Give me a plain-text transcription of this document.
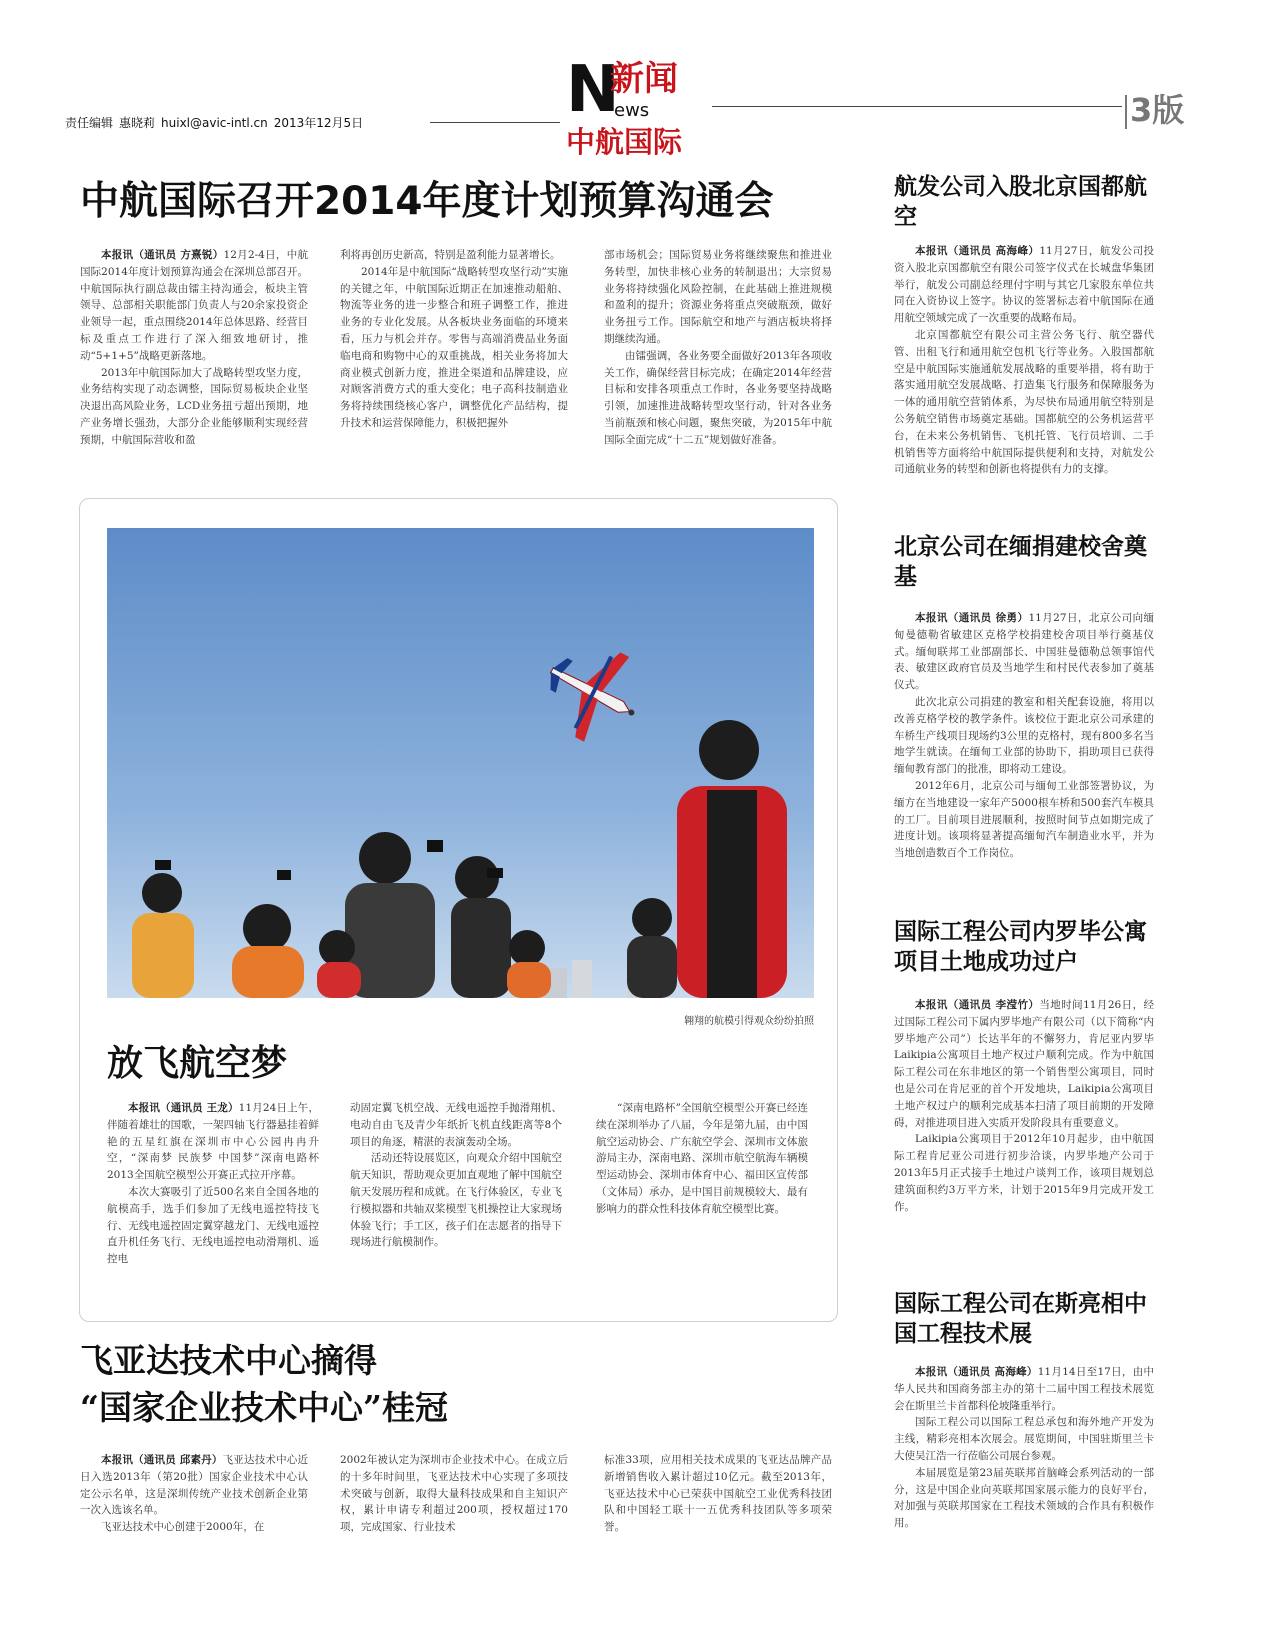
责任编辑 惠晓莉 huixl@avic-intl.cn 2013年12月5日	N
新闻
ews
中航国际
3版
中航国际召开2014年度计划预算沟通会

本报讯（通讯员 方熹锐）12月2-4日，中航国际2014年度计划预算沟通会在深圳总部召开。中航国际执行副总裁由镭主持沟通会，板块主管领导、总部相关职能部门负责人与20余家投资企业领导一起，重点围绕2014年总体思路、经营目标及重点工作进行了深入细致地研讨，推动“5+1+5”战略更新落地。

2013年中航国际加大了战略转型攻坚力度，业务结构实现了动态调整，国际贸易板块企业坚决退出高风险业务，LCD业务扭亏超出预期，地产业务增长强劲，大部分企业能够顺利实现经营预期，中航国际营收和盈

利将再创历史新高，特别是盈利能力显著增长。

2014年是中航国际“战略转型攻坚行动”实施的关键之年，中航国际近期正在加速推动船舶、物流等业务的进一步整合和班子调整工作，推进业务的专业化发展。从各板块业务面临的环境来看，压力与机会并存。零售与高端消费品业务面临电商和购物中心的双重挑战，相关业务将加大商业模式创新力度，推进全渠道和品牌建设，应对顾客消费方式的重大变化；电子高科技制造业务将持续围绕核心客户，调整优化产品结构，提升技术和运营保障能力，积极把握外

部市场机会；国际贸易业务将继续聚焦和推进业务转型，加快非核心业务的转制退出；大宗贸易业务将持续强化风险控制，在此基础上推进规模和盈利的提升；资源业务将重点突破瓶颈，做好业务扭亏工作。国际航空和地产与酒店板块将择期继续沟通。

由镭强调，各业务要全面做好2013年各项收关工作，确保经营目标完成；在确定2014年经营目标和安排各项重点工作时，各业务要坚持战略引领，加速推进战略转型攻坚行动，针对各业务当前瓶颈和核心问题，聚焦突破，为2015年中航国际全面完成“十二五”规划做好准备。

翱翔的航模引得观众纷纷拍照
放飞航空梦

本报讯（通讯员 王龙）11月24日上午，伴随着雄壮的国歌，一架四轴飞行器悬挂着鲜艳的五星红旗在深圳市中心公园冉冉升空，“深南梦 民族梦 中国梦”深南电路杯2013全国航空模型公开赛正式拉开序幕。

本次大赛吸引了近500名来自全国各地的航模高手，选手们参加了无线电遥控特技飞行、无线电遥控固定翼穿越龙门、无线电遥控直升机任务飞行、无线电遥控电动滑翔机、遥控电

动固定翼飞机空战、无线电遥控手抛滑翔机、电动自由飞及青少年纸折飞机直线距离等8个项目的角逐，精湛的表演轰动全场。

活动还特设展览区，向观众介绍中国航空航天知识，帮助观众更加直观地了解中国航空航天发展历程和成就。在飞行体验区，专业飞行模拟器和共轴双桨模型飞机操控让大家现场体验飞行；手工区，孩子们在志愿者的指导下现场进行航模制作。

“深南电路杯”全国航空模型公开赛已经连续在深圳举办了八届，今年是第九届，由中国航空运动协会、广东航空学会、深圳市文体旅游局主办，深南电路、深圳市航空航海车辆模型运动协会、深圳市体育中心、福田区宣传部（文体局）承办，是中国目前规模较大、最有影响力的群众性科技体育航空模型比赛。

飞亚达技术中心摘得
“国家企业技术中心”桂冠

本报讯（通讯员 邱素丹）飞亚达技术中心近日入选2013年（第20批）国家企业技术中心认定公示名单，这是深圳传统产业技术创新企业第一次入选该名单。

飞亚达技术中心创建于2000年，在

2002年被认定为深圳市企业技术中心。在成立后的十多年时间里，飞亚达技术中心实现了多项技术突破与创新，取得大量科技成果和自主知识产权，累计申请专利超过200项，授权超过170项，完成国家、行业技术

标准33项，应用相关技术成果的飞亚达品牌产品新增销售收入累计超过10亿元。截至2013年，飞亚达技术中心已荣获中国航空工业优秀科技团队和中国轻工联十一五优秀科技团队等多项荣誉。

航发公司入股北京国都航空

本报讯（通讯员 高海峰）11月27日，航发公司投资入股北京国都航空有限公司签字仪式在长城盘华集团举行，航发公司副总经理付宇明与其它几家股东单位共同在入资协议上签字。协议的签署标志着中航国际在通用航空领域完成了一次重要的战略布局。

北京国都航空有限公司主营公务飞行、航空器代管、出租飞行和通用航空包机飞行等业务。入股国都航空是中航国际实施通航发展战略的重要举措，将有助于落实通用航空发展战略、打造集飞行服务和保障服务为一体的通用航空营销体系，为尽快布局通用航空特别是公务航空销售市场奠定基础。国都航空的公务机运营平台，在未来公务机销售、飞机托管、飞行员培训、二手机销售等方面将给中航国际提供便利和支持，对航发公司通航业务的转型和创新也将提供有力的支撑。

北京公司在缅捐建校舍奠基

本报讯（通讯员 徐勇）11月27日，北京公司向缅甸曼德勒省敏建区克格学校捐建校舍项目举行奠基仪式。缅甸联邦工业部副部长、中国驻曼德勒总领事馆代表、敏建区政府官员及当地学生和村民代表参加了奠基仪式。

此次北京公司捐建的教室和相关配套设施，将用以改善克格学校的教学条件。该校位于距北京公司承建的车桥生产线项目现场约3公里的克格村，现有800多名当地学生就读。在缅甸工业部的协助下，捐助项目已获得缅甸教育部门的批准，即将动工建设。

2012年6月，北京公司与缅甸工业部签署协议，为缅方在当地建设一家年产5000根车桥和500套汽车模具的工厂。目前项目进展顺利，按照时间节点如期完成了进度计划。该项将显著提高缅甸汽车制造业水平，并为当地创造数百个工作岗位。

国际工程公司内罗毕公寓项目土地成功过户

本报讯（通讯员 李滢竹）当地时间11月26日，经过国际工程公司下属内罗毕地产有限公司（以下简称“内罗毕地产公司”）长达半年的不懈努力，肯尼亚内罗毕Laikipia公寓项目土地产权过户顺利完成。作为中航国际工程公司在东非地区的第一个销售型公寓项目，同时也是公司在肯尼亚的首个开发地块，Laikipia公寓项目土地产权过户的顺利完成基本扫清了项目前期的开发障碍，对推进项目进入实质开发阶段具有重要意义。

Laikipia公寓项目于2012年10月起步，由中航国际工程肯尼亚公司进行初步洽谈，内罗毕地产公司于2013年5月正式接手土地过户谈判工作，该项目规划总建筑面积约3万平方米，计划于2015年9月完成开发工作。

国际工程公司在斯亮相中国工程技术展

本报讯（通讯员 高海峰）11月14日至17日，由中华人民共和国商务部主办的第十二届中国工程技术展览会在斯里兰卡首都科伦坡隆重举行。

国际工程公司以国际工程总承包和海外地产开发为主线，精彩亮相本次展会。展览期间，中国驻斯里兰卡大使吴江浩一行莅临公司展台参观。

本届展览是第23届英联邦首脑峰会系列活动的一部分，这是中国企业向英联邦国家展示能力的良好平台，对加强与英联邦国家在工程技术领域的合作具有积极作用。
